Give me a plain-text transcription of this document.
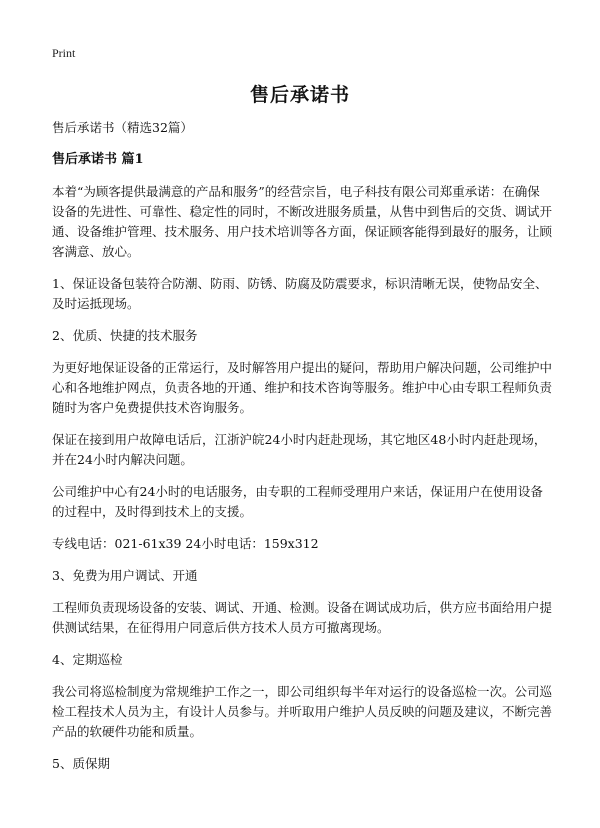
Print
售后承诺书

售后承诺书（精选32篇）

售后承诺书 篇1

本着“为顾客提供最满意的产品和服务”的经营宗旨，电子科技有限公司郑重承诺：在确保设备的先进性、可靠性、稳定性的同时，不断改进服务质量，从售中到售后的交货、调试开通、设备维护管理、技术服务、用户技术培训等各方面，保证顾客能得到最好的服务，让顾客满意、放心。

1、保证设备包装符合防潮、防雨、防锈、防腐及防震要求，标识清晰无误，使物品安全、及时运抵现场。

2、优质、快捷的技术服务

为更好地保证设备的正常运行，及时解答用户提出的疑问，帮助用户解决问题，公司维护中心和各地维护网点，负责各地的开通、维护和技术咨询等服务。维护中心由专职工程师负责随时为客户免费提供技术咨询服务。

保证在接到用户故障电话后，江浙沪皖24小时内赶赴现场，其它地区48小时内赶赴现场，并在24小时内解决问题。

公司维护中心有24小时的电话服务，由专职的工程师受理用户来话，保证用户在使用设备的过程中，及时得到技术上的支援。

专线电话：021-61x39 24小时电话：159x312

3、免费为用户调试、开通

工程师负责现场设备的安装、调试、开通、检测。设备在调试成功后，供方应书面给用户提供测试结果，在征得用户同意后供方技术人员方可撤离现场。

4、定期巡检

我公司将巡检制度为常规维护工作之一，即公司组织每半年对运行的设备巡检一次。公司巡检工程技术人员为主，有设计人员参与。并听取用户维护人员反映的问题及建议，不断完善产品的软硬件功能和质量。

5、质保期
